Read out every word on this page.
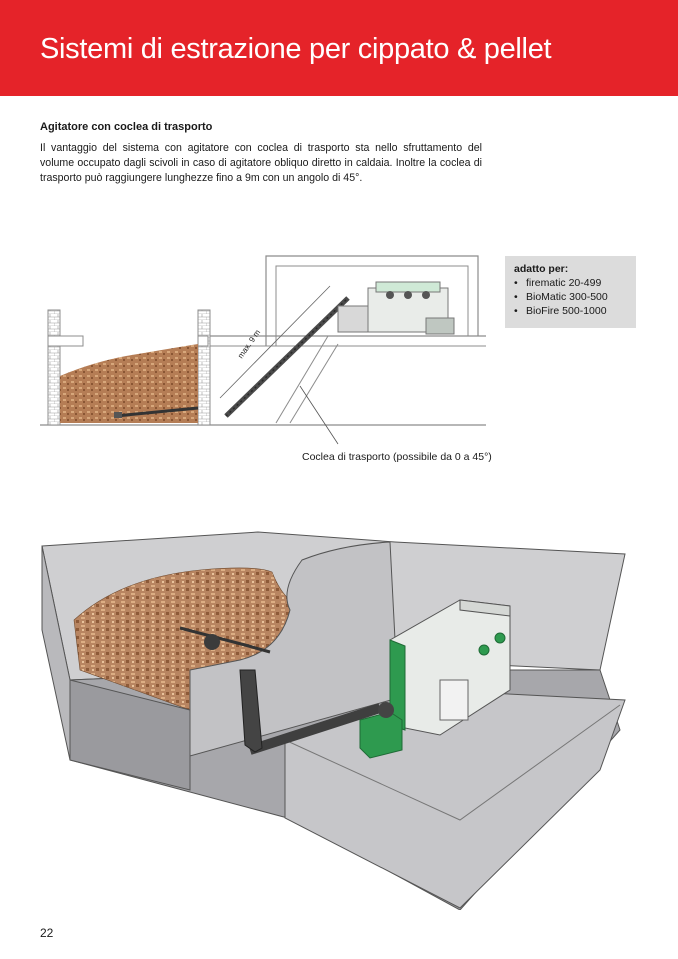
Sistemi di estrazione per cippato & pellet
Agitatore con coclea di trasporto
Il vantaggio del sistema con agitatore con coclea di trasporto sta nello sfruttamento del volume occupato dagli scivoli in caso di agitatore obliquo diretto in caldaia. Inoltre la coclea di trasporto può raggiungere lunghezze fino a 9m con un angolo di 45°.
max. 9 m
Coclea di trasporto (possibile da 0 a 45°)
adatto per:
• firematic 20-499
• BioMatic 300-500
• BioFire 500-1000
22
